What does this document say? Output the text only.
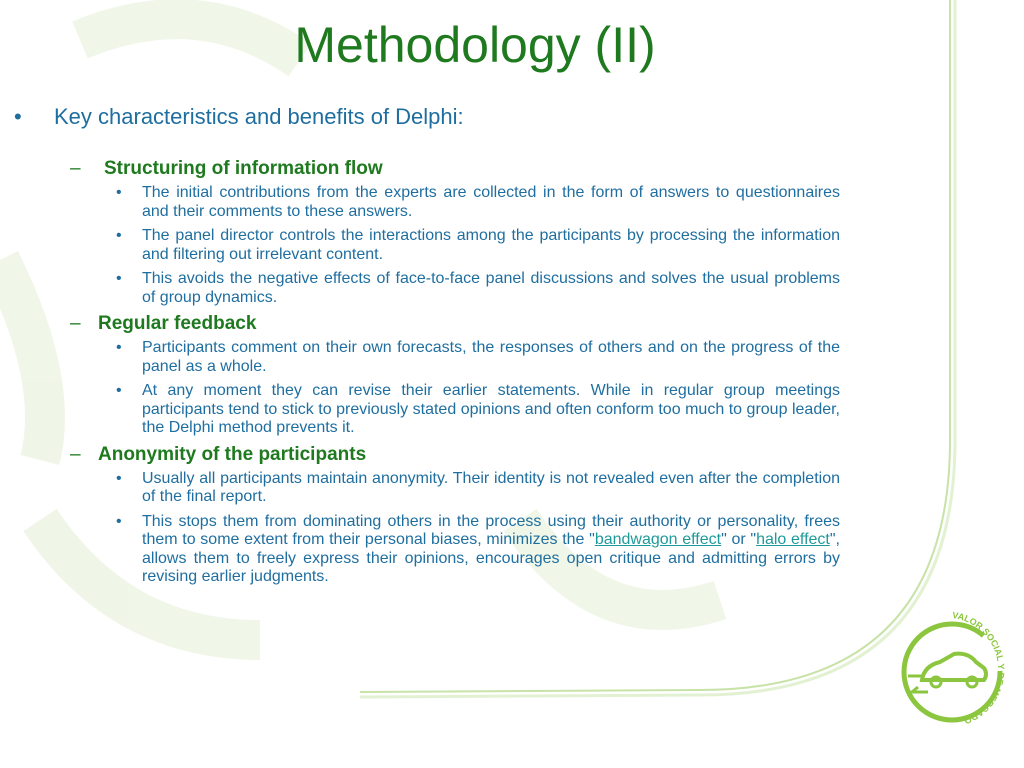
Methodology (II)
• Key characteristics and benefits of Delphi:
–	Structuring of information flow
• The initial contributions from the experts are collected in the form of answers to questionnaires and their comments to these answers.
• The panel director controls the interactions among the participants by processing the information and filtering out irrelevant content.
• This avoids the negative effects of face-to-face panel discussions and solves the usual problems of group dynamics.
– Regular feedback
• Participants comment on their own forecasts, the responses of others and on the progress of the panel as a whole.
• At any moment they can revise their earlier statements. While in regular group meetings participants tend to stick to previously stated opinions and often conform too much to group leader, the Delphi method prevents it.
– Anonymity of the participants
• Usually all participants maintain anonymity. Their identity is not revealed even after the completion of the final report.
• This stops them from dominating others in the process using their authority or personality, frees them to some extent from their personal biases, minimizes the "bandwagon effect" or "halo effect", allows them to freely express their opinions, encourages open critique and admitting errors by revising earlier judgments.
VALOR SOCIAL Y DE MERCADO
